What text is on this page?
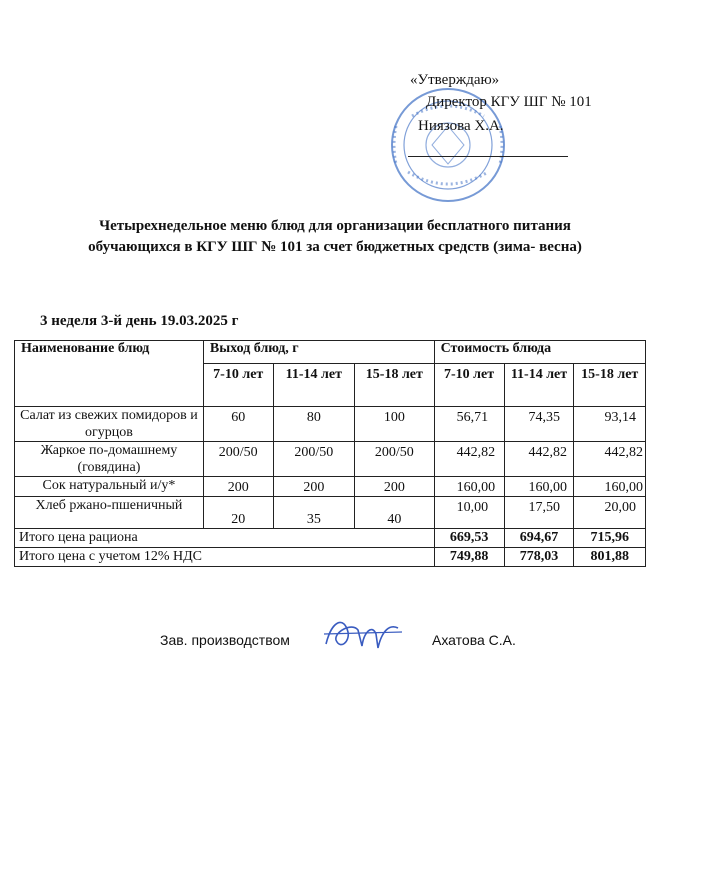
«Утверждаю»
Директор КГУ ШГ № 101
Ниязова Х.А.
Четырехнедельное меню блюд для организации бесплатного питания
обучающихся в КГУ ШГ № 101 за счет бюджетных средств (зима- весна)
3 неделя 3-й день 19.03.2025 г
Наименование блюд	Выход блюд, г			Стоимость блюда		
	7-10 лет	11-14 лет	15-18 лет	7-10 лет	11-14 лет	15-18 лет
Салат из свежих помидоров и огурцов	60	80	100	56,71	74,35	93,14
Жаркое по-домашнему (говядина)	200/50	200/50	200/50	442,82	442,82	442,82
Сок натуральный и/у*	200	200	200	160,00	160,00	160,00
Хлеб ржано-пшеничный	20	35	40	10,00	17,50	20,00
Итого цена рациона				669,53	694,67	715,96
Итого цена с учетом 12% НДС				749,88	778,03	801,88
Зав. производством	Ахатова С.А.
